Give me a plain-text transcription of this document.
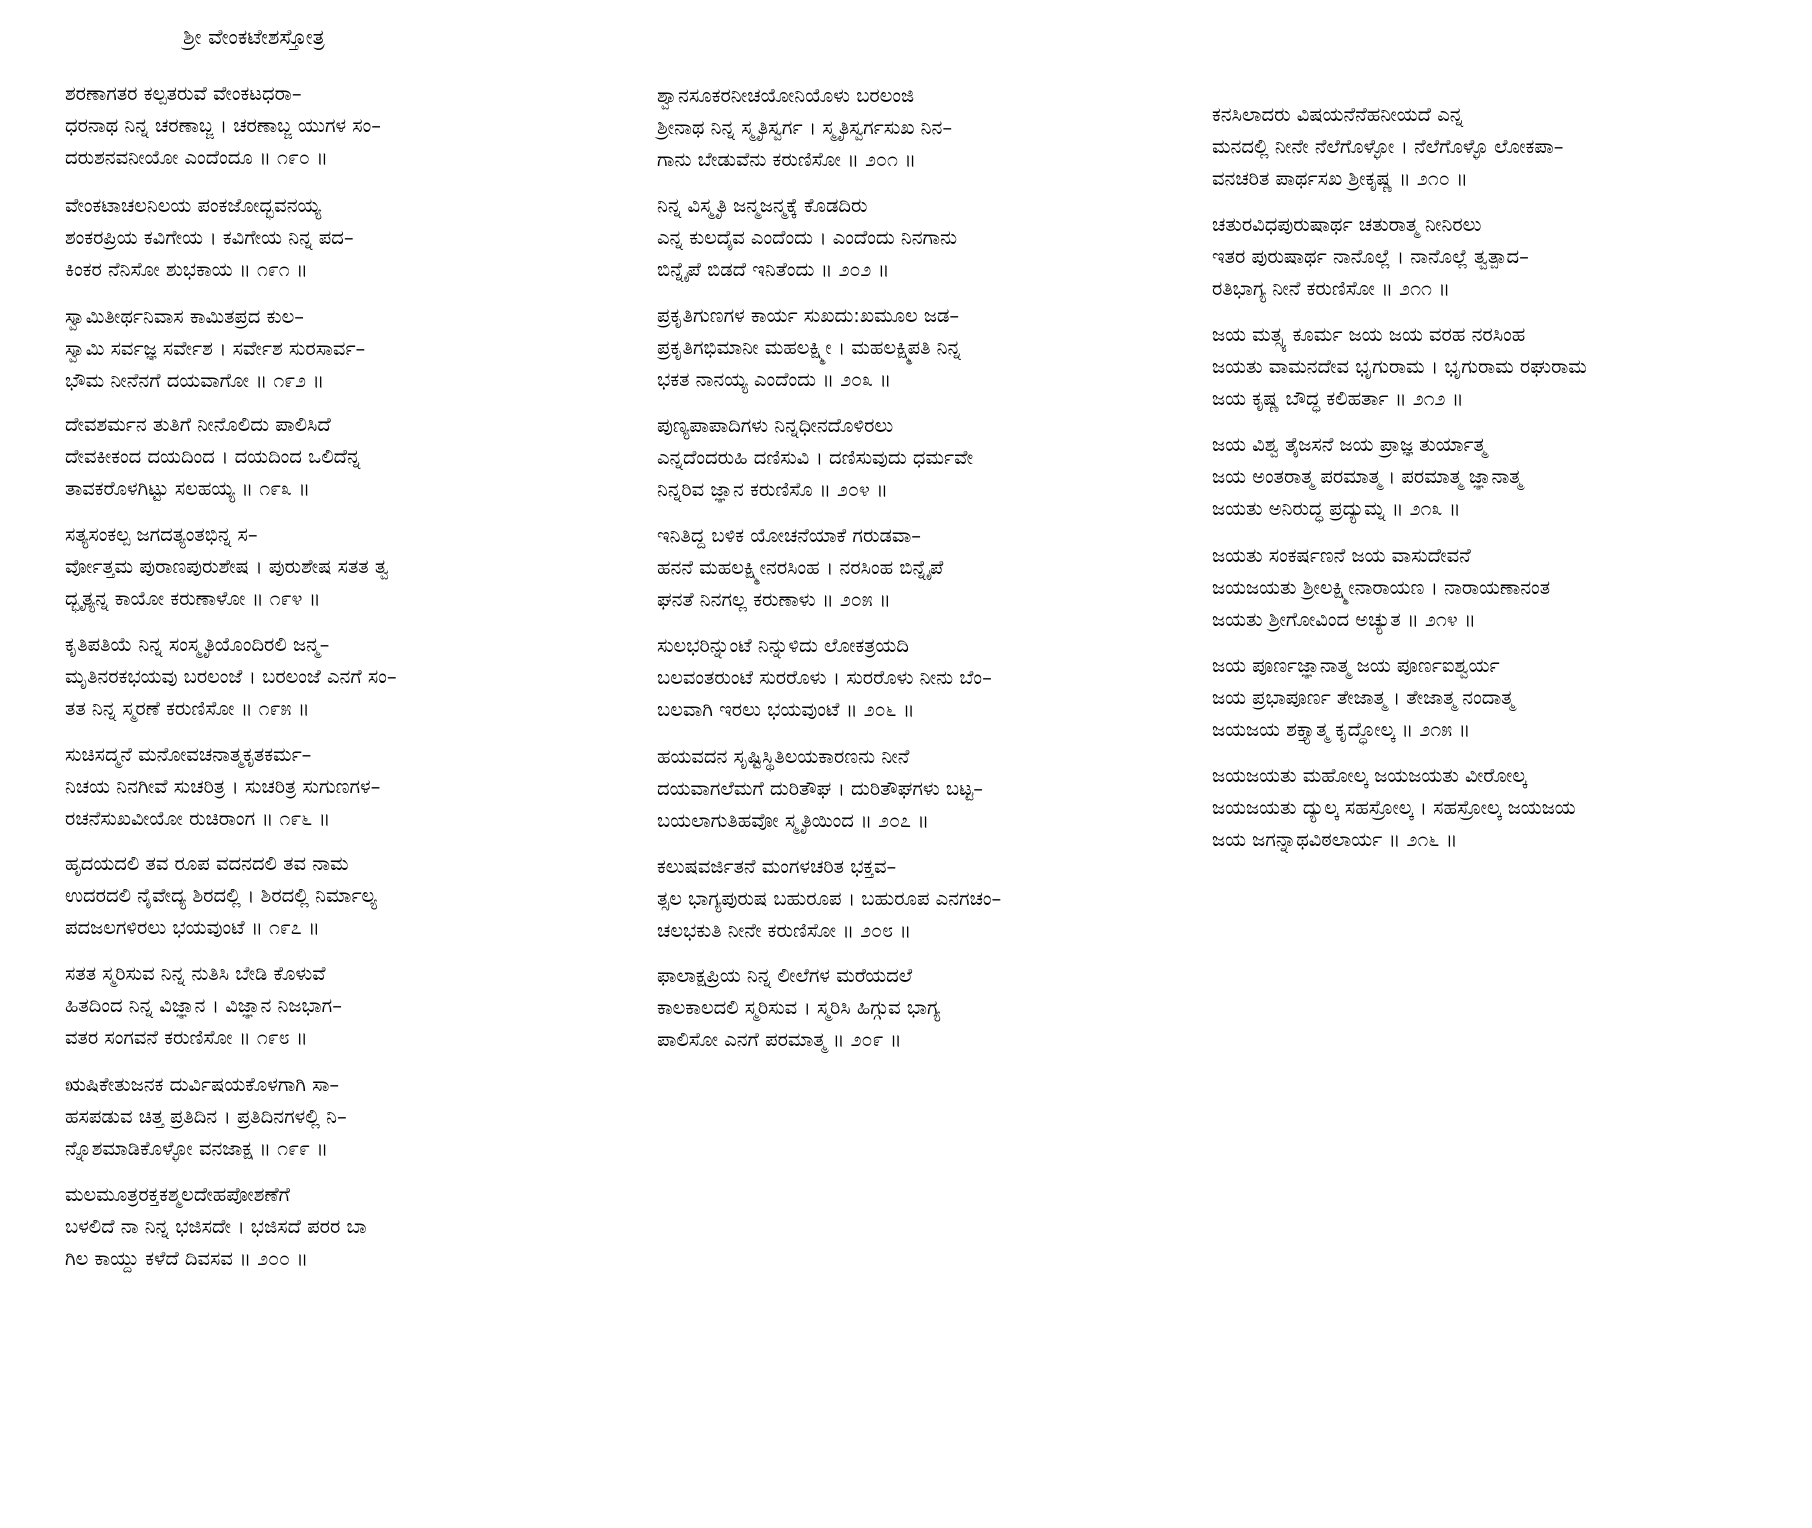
ಶ್ರೀ ವೇಂಕಟೇಶಸ್ತೋತ್ರ
ಶರಣಾಗತರ ಕಲ್ಪತರುವೆ ವೇಂಕಟಧರಾ–
ಧರನಾಥ ನಿನ್ನ ಚರಣಾಬ್ಜ । ಚರಣಾಬ್ಜ ಯುಗಳ ಸಂ–
ದರುಶನವನೀಯೋ ಎಂದೆಂದೂ ॥ ೧೯೦ ॥
ವೇಂಕಟಾಚಲನಿಲಯ ಪಂಕಜೋದ್ಭವನಯ್ಯ
ಶಂಕರಪ್ರಿಯ ಕವಿಗೇಯ । ಕವಿಗೇಯ ನಿನ್ನ ಪದ–
ಕಿಂಕರ ನೆನಿಸೋ ಶುಭಕಾಯ ॥ ೧೯೧ ॥
ಸ್ವಾಮಿತೀರ್ಥನಿವಾಸ ಕಾಮಿತಪ್ರದ ಕುಲ–
ಸ್ವಾಮಿ ಸರ್ವಜ್ಞ ಸರ್ವೇಶ । ಸರ್ವೇಶ ಸುರಸಾರ್ವ–
ಭೌಮ ನೀನೆನಗೆ ದಯವಾಗೋ ॥ ೧೯೨ ॥
ದೇವಶರ್ಮನ ತುತಿಗೆ ನೀನೊಲಿದು ಪಾಲಿಸಿದೆ
ದೇವಕೀಕಂದ ದಯದಿಂದ । ದಯದಿಂದ ಒಲಿದೆನ್ನ
ತಾವಕರೊಳಗಿಟ್ಟು ಸಲಹಯ್ಯ ॥ ೧೯೩ ॥
ಸತ್ಯಸಂಕಲ್ಪ ಜಗದತ್ಯಂತಭಿನ್ನ ಸ–
ರ್ವೋತ್ತಮ ಪುರಾಣಪುರುಶೇಷ । ಪುರುಶೇಷ ಸತತ ತ್ವ
ದ್ಭೃತ್ಯನ್ನ ಕಾಯೋ ಕರುಣಾಳೋ ॥ ೧೯೪ ॥
ಕೃತಿಪತಿಯೆ ನಿನ್ನ ಸಂಸ್ಮೃತಿಯೊಂದಿರಲಿ ಜನ್ಮ–
ಮೃತಿನರಕಭಯವು ಬರಲಂಜೆ । ಬರಲಂಜೆ ಎನಗೆ ಸಂ–
ತತ ನಿನ್ನ ಸ್ಮರಣೆ ಕರುಣಿಸೋ ॥ ೧೯೫ ॥
ಸುಚಿಸದ್ಮನೆ ಮನೋವಚನಾತ್ಮಕೃತಕರ್ಮ–
ನಿಚಯ ನಿನಗೀವೆ ಸುಚರಿತ್ರ । ಸುಚರಿತ್ರ ಸುಗುಣಗಳ–
ರಚನೆಸುಖವೀಯೋ ರುಚಿರಾಂಗ ॥ ೧೯೬ ॥
ಹೃದಯದಲಿ ತವ ರೂಪ ವದನದಲಿ ತವ ನಾಮ
ಉದರದಲಿ ನೈವೇದ್ಯ ಶಿರದಲ್ಲಿ । ಶಿರದಲ್ಲಿ ನಿರ್ಮಾಲ್ಯ
ಪದಜಲಗಳಿರಲು ಭಯವುಂಟೆ ॥ ೧೯೭ ॥
ಸತತ ಸ್ಮರಿಸುವ ನಿನ್ನ ನುತಿಸಿ ಬೇಡಿ ಕೊಳುವೆ
ಹಿತದಿಂದ ನಿನ್ನ ವಿಜ್ಞಾನ । ವಿಜ್ಞಾನ ನಿಜಭಾಗ–
ವತರ ಸಂಗವನೆ ಕರುಣಿಸೋ ॥ ೧೯೮ ॥
ಋಷಿಕೇತುಜನಕ ದುರ್ವಿಷಯಕೊಳಗಾಗಿ ಸಾ–
ಹಸಪಡುವ ಚಿತ್ತ ಪ್ರತಿದಿನ । ಪ್ರತಿದಿನಗಳಲ್ಲಿ ನಿ–
ನ್ನೊಶಮಾಡಿಕೊಳ್ಳೋ ವನಜಾಕ್ಷ ॥ ೧೯೯ ॥
ಮಲಮೂತ್ರರಕ್ತಕಶ್ಮಲದೇಹಪೋಶಣೆಗೆ
ಬಳಲಿದೆ ನಾ ನಿನ್ನ ಭಜಿಸದೇ । ಭಜಿಸದೆ ಪರರ ಬಾ
ಗಿಲ ಕಾಯ್ದು ಕಳೆದೆ ದಿವಸವ ॥ ೨೦೦ ॥
ಶ್ವಾನಸೂಕರನೀಚಯೋನಿಯೊಳು ಬರಲಂಜಿ
ಶ್ರೀನಾಥ ನಿನ್ನ ಸ್ಮೃತಿಸ್ವರ್ಗ । ಸ್ಮೃತಿಸ್ವರ್ಗಸುಖ ನಿನ–
ಗಾನು ಬೇಡುವೆನು ಕರುಣಿಸೋ ॥ ೨೦೧ ॥
ನಿನ್ನ ವಿಸ್ಮೃತಿ ಜನ್ಮಜನ್ಮಕ್ಕೆ ಕೊಡದಿರು
ಎನ್ನ ಕುಲದೈವ ಎಂದೆಂದು । ಎಂದೆಂದು ನಿನಗಾನು
ಬಿನ್ನೈಪೆ ಬಿಡದೆ ಇನಿತೆಂದು ॥ ೨೦೨ ॥
ಪ್ರಕೃತಿಗುಣಗಳ ಕಾರ್ಯ ಸುಖದು:ಖಮೂಲ ಜಡ–
ಪ್ರಕೃತಿಗಭಿಮಾನೀ ಮಹಲಕ್ಷ್ಮೀ । ಮಹಲಕ್ಷ್ಮಿಪತಿ ನಿನ್ನ
ಭಕತ ನಾನಯ್ಯ ಎಂದೆಂದು ॥ ೨೦೩ ॥
ಪುಣ್ಯಪಾಪಾದಿಗಳು ನಿನ್ನಧೀನದೊಳಿರಲು
ಎನ್ನದೆಂದರುಹಿ ದಣಿಸುವಿ । ದಣಿಸುವುದು ಧರ್ಮವೇ
ನಿನ್ನರಿವ ಜ್ಞಾನ ಕರುಣಿಸೊ ॥ ೨೦೪ ॥
ಇನಿತಿದ್ದ ಬಳಿಕ ಯೋಚನೆಯಾಕೆ ಗರುಡವಾ–
ಹನನೆ ಮಹಲಕ್ಷ್ಮೀನರಸಿಂಹ । ನರಸಿಂಹ ಬಿನ್ನೈಪೆ
ಘನತೆ ನಿನಗಲ್ಲ ಕರುಣಾಳು ॥ ೨೦೫ ॥
ಸುಲಭರಿನ್ನುಂಟೆ ನಿನ್ನುಳಿದು ಲೋಕತ್ರಯದಿ
ಬಲವಂತರುಂಟೆ ಸುರರೊಳು । ಸುರರೊಳು ನೀನು ಬೆಂ–
ಬಲವಾಗಿ ಇರಲು ಭಯವುಂಟೆ ॥ ೨೦೬ ॥
ಹಯವದನ ಸೃಷ್ಟಿಸ್ಥಿತಿಲಯಕಾರಣನು ನೀನೆ
ದಯವಾಗಲೆಮಗೆ ದುರಿತೌಘ । ದುರಿತೌಘಗಳು ಬಟ್ಟ–
ಬಯಲಾಗುತಿಹವೋ ಸ್ಮೃತಿಯಿಂದ ॥ ೨೦೭ ॥
ಕಲುಷವರ್ಜಿತನೆ ಮಂಗಳಚರಿತ ಭಕ್ತವ–
ತ್ಸಲ ಭಾಗ್ಯಪುರುಷ ಬಹುರೂಪ । ಬಹುರೂಪ ಎನಗಚಂ–
ಚಲಭಕುತಿ ನೀನೇ ಕರುಣಿಸೋ ॥ ೨೦೮ ॥
ಫಾಲಾಕ್ಷಪ್ರಿಯ ನಿನ್ನ ಲೀಲೆಗಳ ಮರೆಯದಲೆ
ಕಾಲಕಾಲದಲಿ ಸ್ಮರಿಸುವ । ಸ್ಮರಿಸಿ ಹಿಗ್ಗುವ ಭಾಗ್ಯ
ಪಾಲಿಸೋ ಎನಗೆ ಪರಮಾತ್ಮ ॥ ೨೦೯ ॥
ಕನಸಿಲಾದರು ವಿಷಯನೆನೆಹನೀಯದೆ ಎನ್ನ
ಮನದಲ್ಲಿ ನೀನೇ ನೆಲೆಗೊಳ್ಳೋ । ನೆಲೆಗೊಳ್ಳೊ ಲೋಕಪಾ–
ವನಚರಿತ ಪಾರ್ಥಸಖ ಶ್ರೀಕೃಷ್ಣ ॥ ೨೧೦ ॥
ಚತುರವಿಧಪುರುಷಾರ್ಥ ಚತುರಾತ್ಮ ನೀನಿರಲು
ಇತರ ಪುರುಷಾರ್ಥ ನಾನೊಲ್ಲೆ । ನಾನೊಲ್ಲೆ ತ್ವತ್ಪಾದ–
ರತಿಭಾಗ್ಯ ನೀನೆ ಕರುಣಿಸೋ ॥ ೨೧೧ ॥
ಜಯ ಮತ್ಸ್ಯ ಕೂರ್ಮ ಜಯ ಜಯ ವರಹ ನರಸಿಂಹ
ಜಯತು ವಾಮನದೇವ ಭೃಗುರಾಮ । ಭೃಗುರಾಮ ರಘುರಾಮ
ಜಯ ಕೃಷ್ಣ ಬೌದ್ಧ ಕಲಿಹರ್ತಾ ॥ ೨೧೨ ॥
ಜಯ ವಿಶ್ವ ತೈಜಸನೆ ಜಯ ಪ್ರಾಜ್ಞ ತುರ್ಯಾತ್ಮ
ಜಯ ಅಂತರಾತ್ಮ ಪರಮಾತ್ಮ । ಪರಮಾತ್ಮ ಜ್ಞಾನಾತ್ಮ
ಜಯತು ಅನಿರುದ್ಧ ಪ್ರದ್ಯುಮ್ನ ॥ ೨೧೩ ॥
ಜಯತು ಸಂಕರ್ಷಣನೆ ಜಯ ವಾಸುದೇವನೆ
ಜಯಜಯತು ಶ್ರೀಲಕ್ಷ್ಮೀನಾರಾಯಣ । ನಾರಾಯಣಾನಂತ
ಜಯತು ಶ್ರೀಗೋವಿಂದ ಅಚ್ಯುತ ॥ ೨೧೪ ॥
ಜಯ ಪೂರ್ಣಜ್ಞಾನಾತ್ಮ ಜಯ ಪೂರ್ಣಐಶ್ವರ್ಯ
ಜಯ ಪ್ರಭಾಪೂರ್ಣ ತೇಜಾತ್ಮ । ತೇಜಾತ್ಮ ನಂದಾತ್ಮ
ಜಯಜಯ ಶಕ್ತ್ಯಾತ್ಮ ಕೃದ್ಧೋಲ್ಕ ॥ ೨೧೫ ॥
ಜಯಜಯತು ಮಹೋಲ್ಕ ಜಯಜಯತು ವೀರೋಲ್ಕ
ಜಯಜಯತು ದ್ಯುಲ್ಕ ಸಹಸ್ರೋಲ್ಕ । ಸಹಸ್ರೋಲ್ಕ ಜಯಜಯ
ಜಯ ಜಗನ್ನಾಥವಿಠಲಾರ್ಯ ॥ ೨೧೬ ॥
